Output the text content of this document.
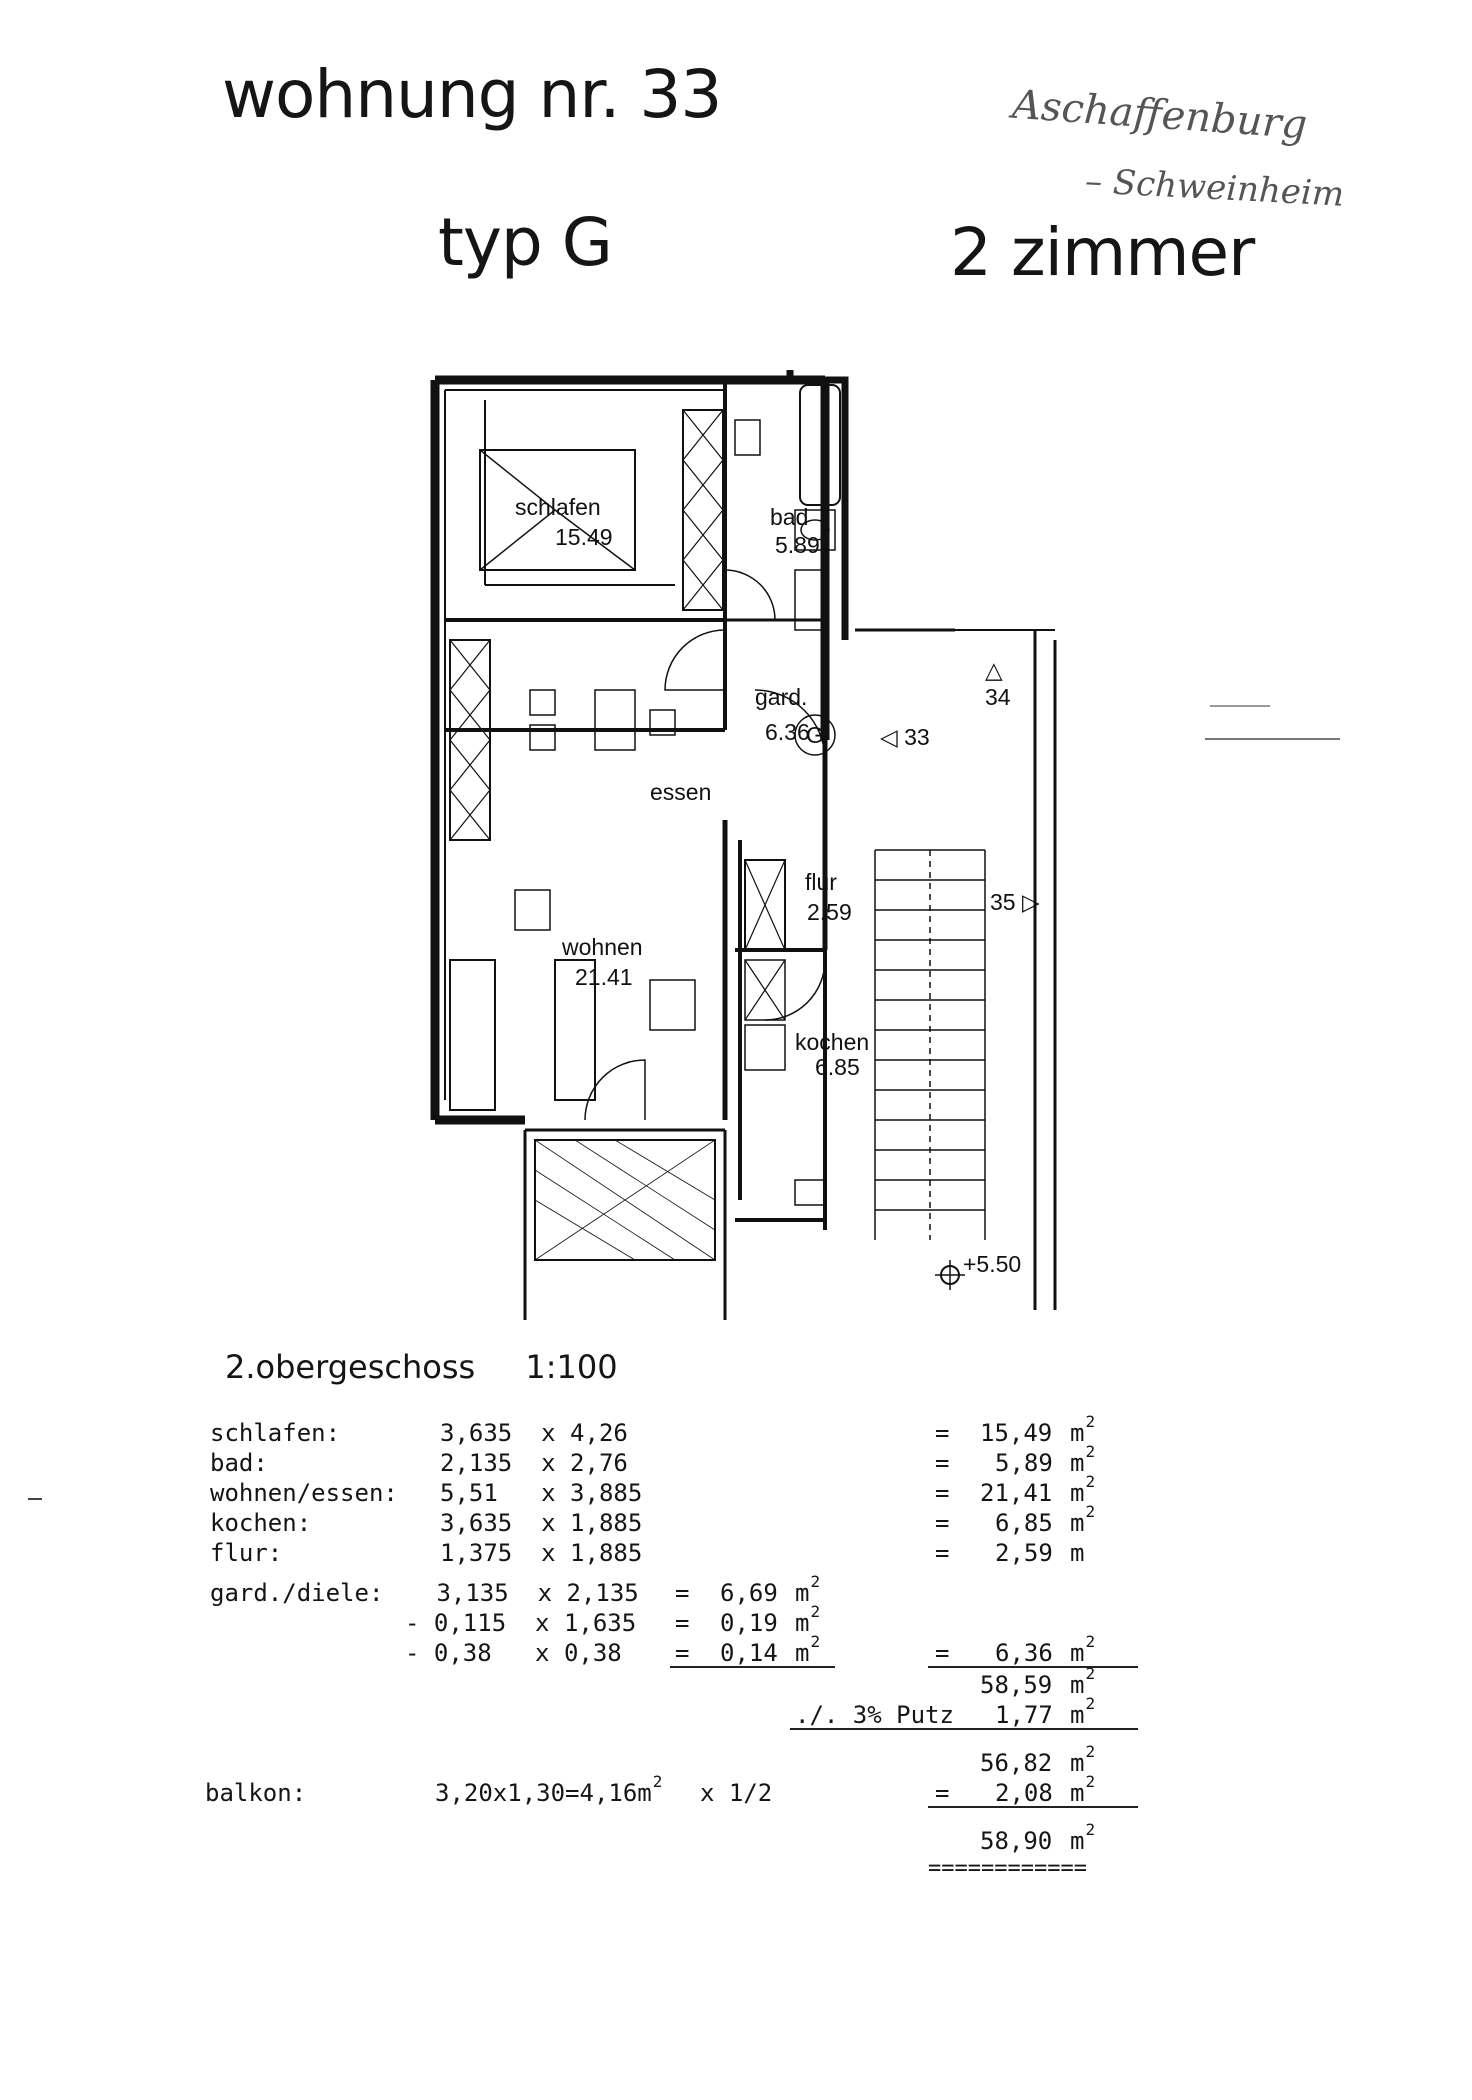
wohnung nr. 33
typ G	2 zimmer
Aschaffenburg
– Schweinheim
schlafen
15.49
bad
5.89
gard.
6.36
G ◁ 33
34
△
essen
flur
2.59	35 ▷
wohnen
21.41
kochen
6.85
+5.50
2.obergeschoss 1:100
schlafen:	3,635  x 4,26	= 15,49 $m^2$
bad:	2,135  x 2,76	= 5,89 $m^2$
wohnen/essen: 5,51   x 3,885	= 21,41 $m^2$
kochen:	3,635  x 1,885	= 6,85 $m^2$
flur:	1,375  x 1,885	= 2,59 m
gard./diele: 3,135  x 2,135 = 6,69 $m^2$
- 0,115  x 1,635 = 0,19 $m^2$
- 0,38   x 0,38 = 0,14 $m^2$	= 6,36 $m^2$
58,59 $m^2$
./. 3% Putz 1,77 $m^2$
56,82 $m^2$
balkon:	$3,20x1,30=4,16m^2$ x 1/2	= 2,08 $m^2$
58,90 $m^2$
============
